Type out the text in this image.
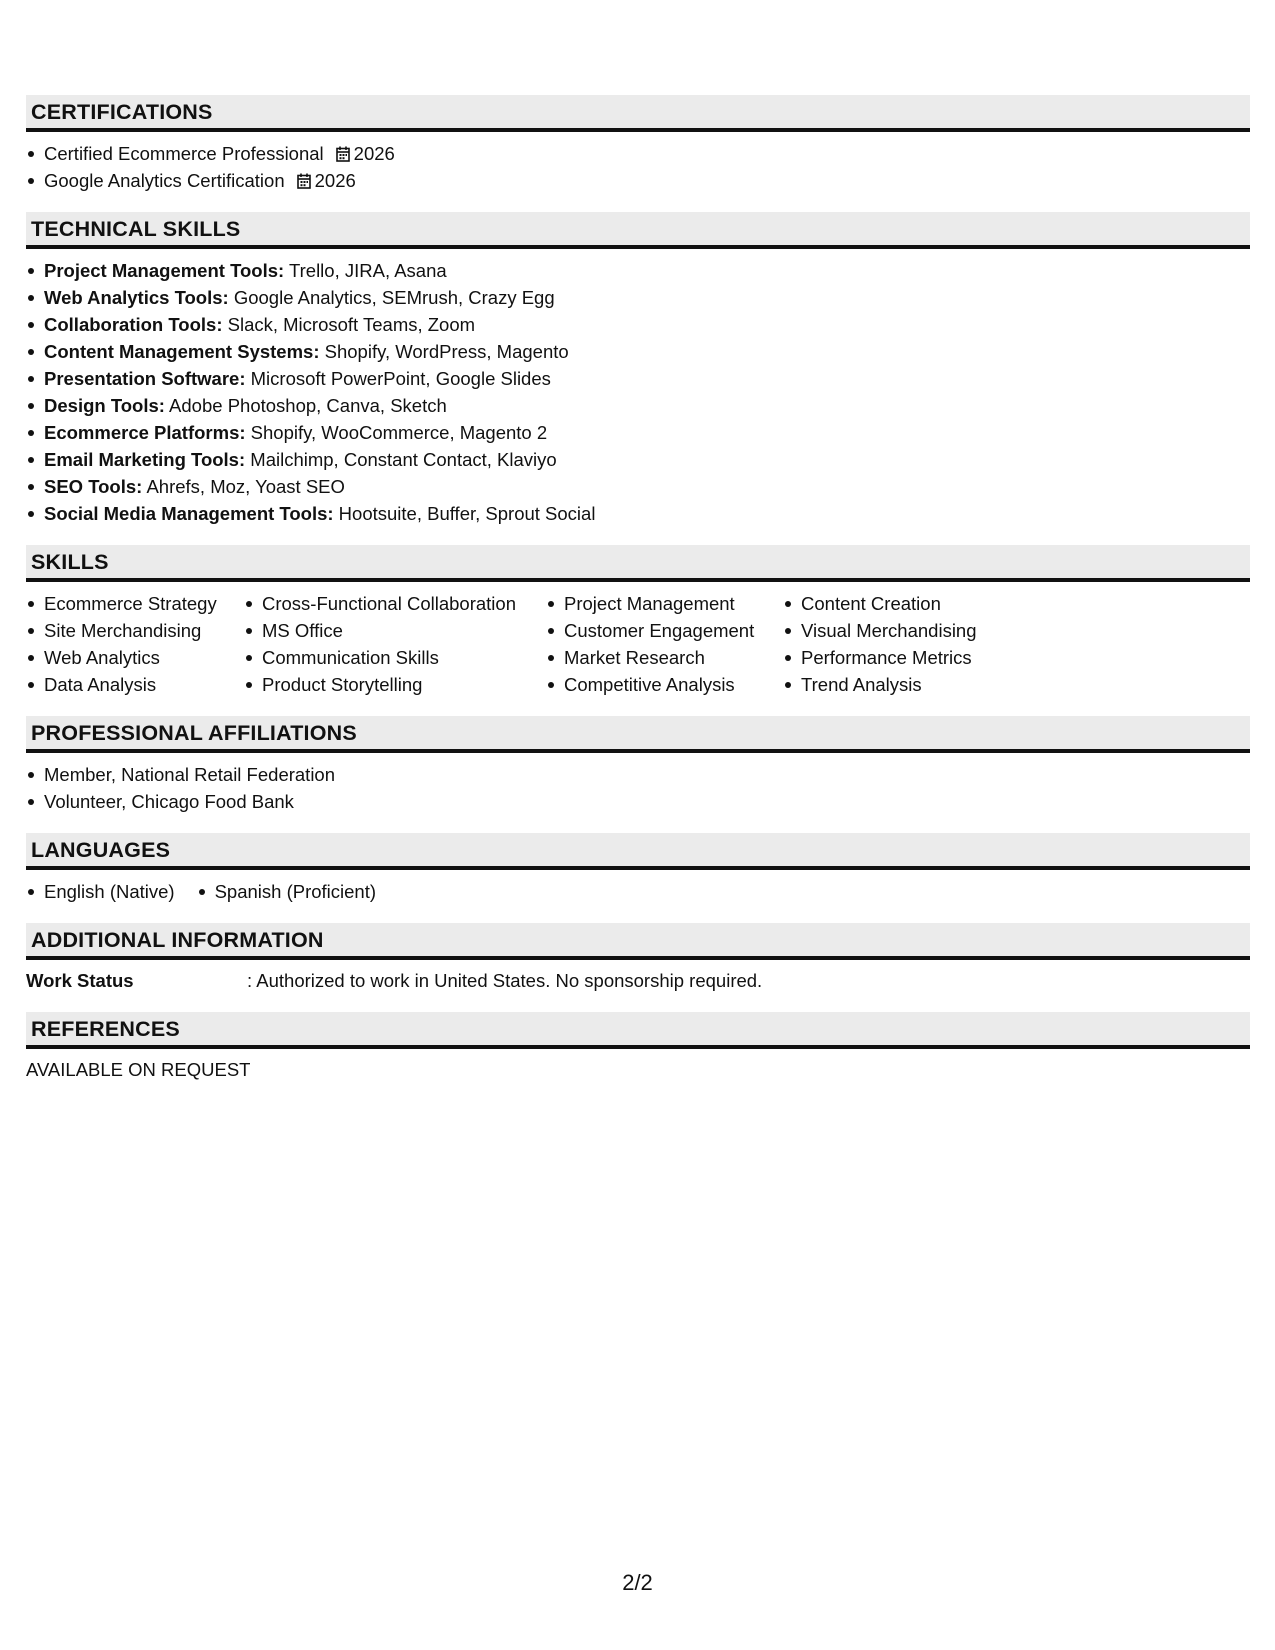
CERTIFICATIONS
Certified Ecommerce Professional 2026
Google Analytics Certification 2026
TECHNICAL SKILLS
Project Management Tools: Trello, JIRA, Asana
Web Analytics Tools: Google Analytics, SEMrush, Crazy Egg
Collaboration Tools: Slack, Microsoft Teams, Zoom
Content Management Systems: Shopify, WordPress, Magento
Presentation Software: Microsoft PowerPoint, Google Slides
Design Tools: Adobe Photoshop, Canva, Sketch
Ecommerce Platforms: Shopify, WooCommerce, Magento 2
Email Marketing Tools: Mailchimp, Constant Contact, Klaviyo
SEO Tools: Ahrefs, Moz, Yoast SEO
Social Media Management Tools: Hootsuite, Buffer, Sprout Social
SKILLS
Ecommerce Strategy
Site Merchandising
Web Analytics
Data Analysis
Cross-Functional Collaboration
MS Office
Communication Skills
Product Storytelling
Project Management
Customer Engagement
Market Research
Competitive Analysis
Content Creation
Visual Merchandising
Performance Metrics
Trend Analysis
PROFESSIONAL AFFILIATIONS
Member, National Retail Federation
Volunteer, Chicago Food Bank
LANGUAGES
English (Native)	Spanish (Proficient)
ADDITIONAL INFORMATION
Work Status	: Authorized to work in United States. No sponsorship required.
REFERENCES
AVAILABLE ON REQUEST
2/2
